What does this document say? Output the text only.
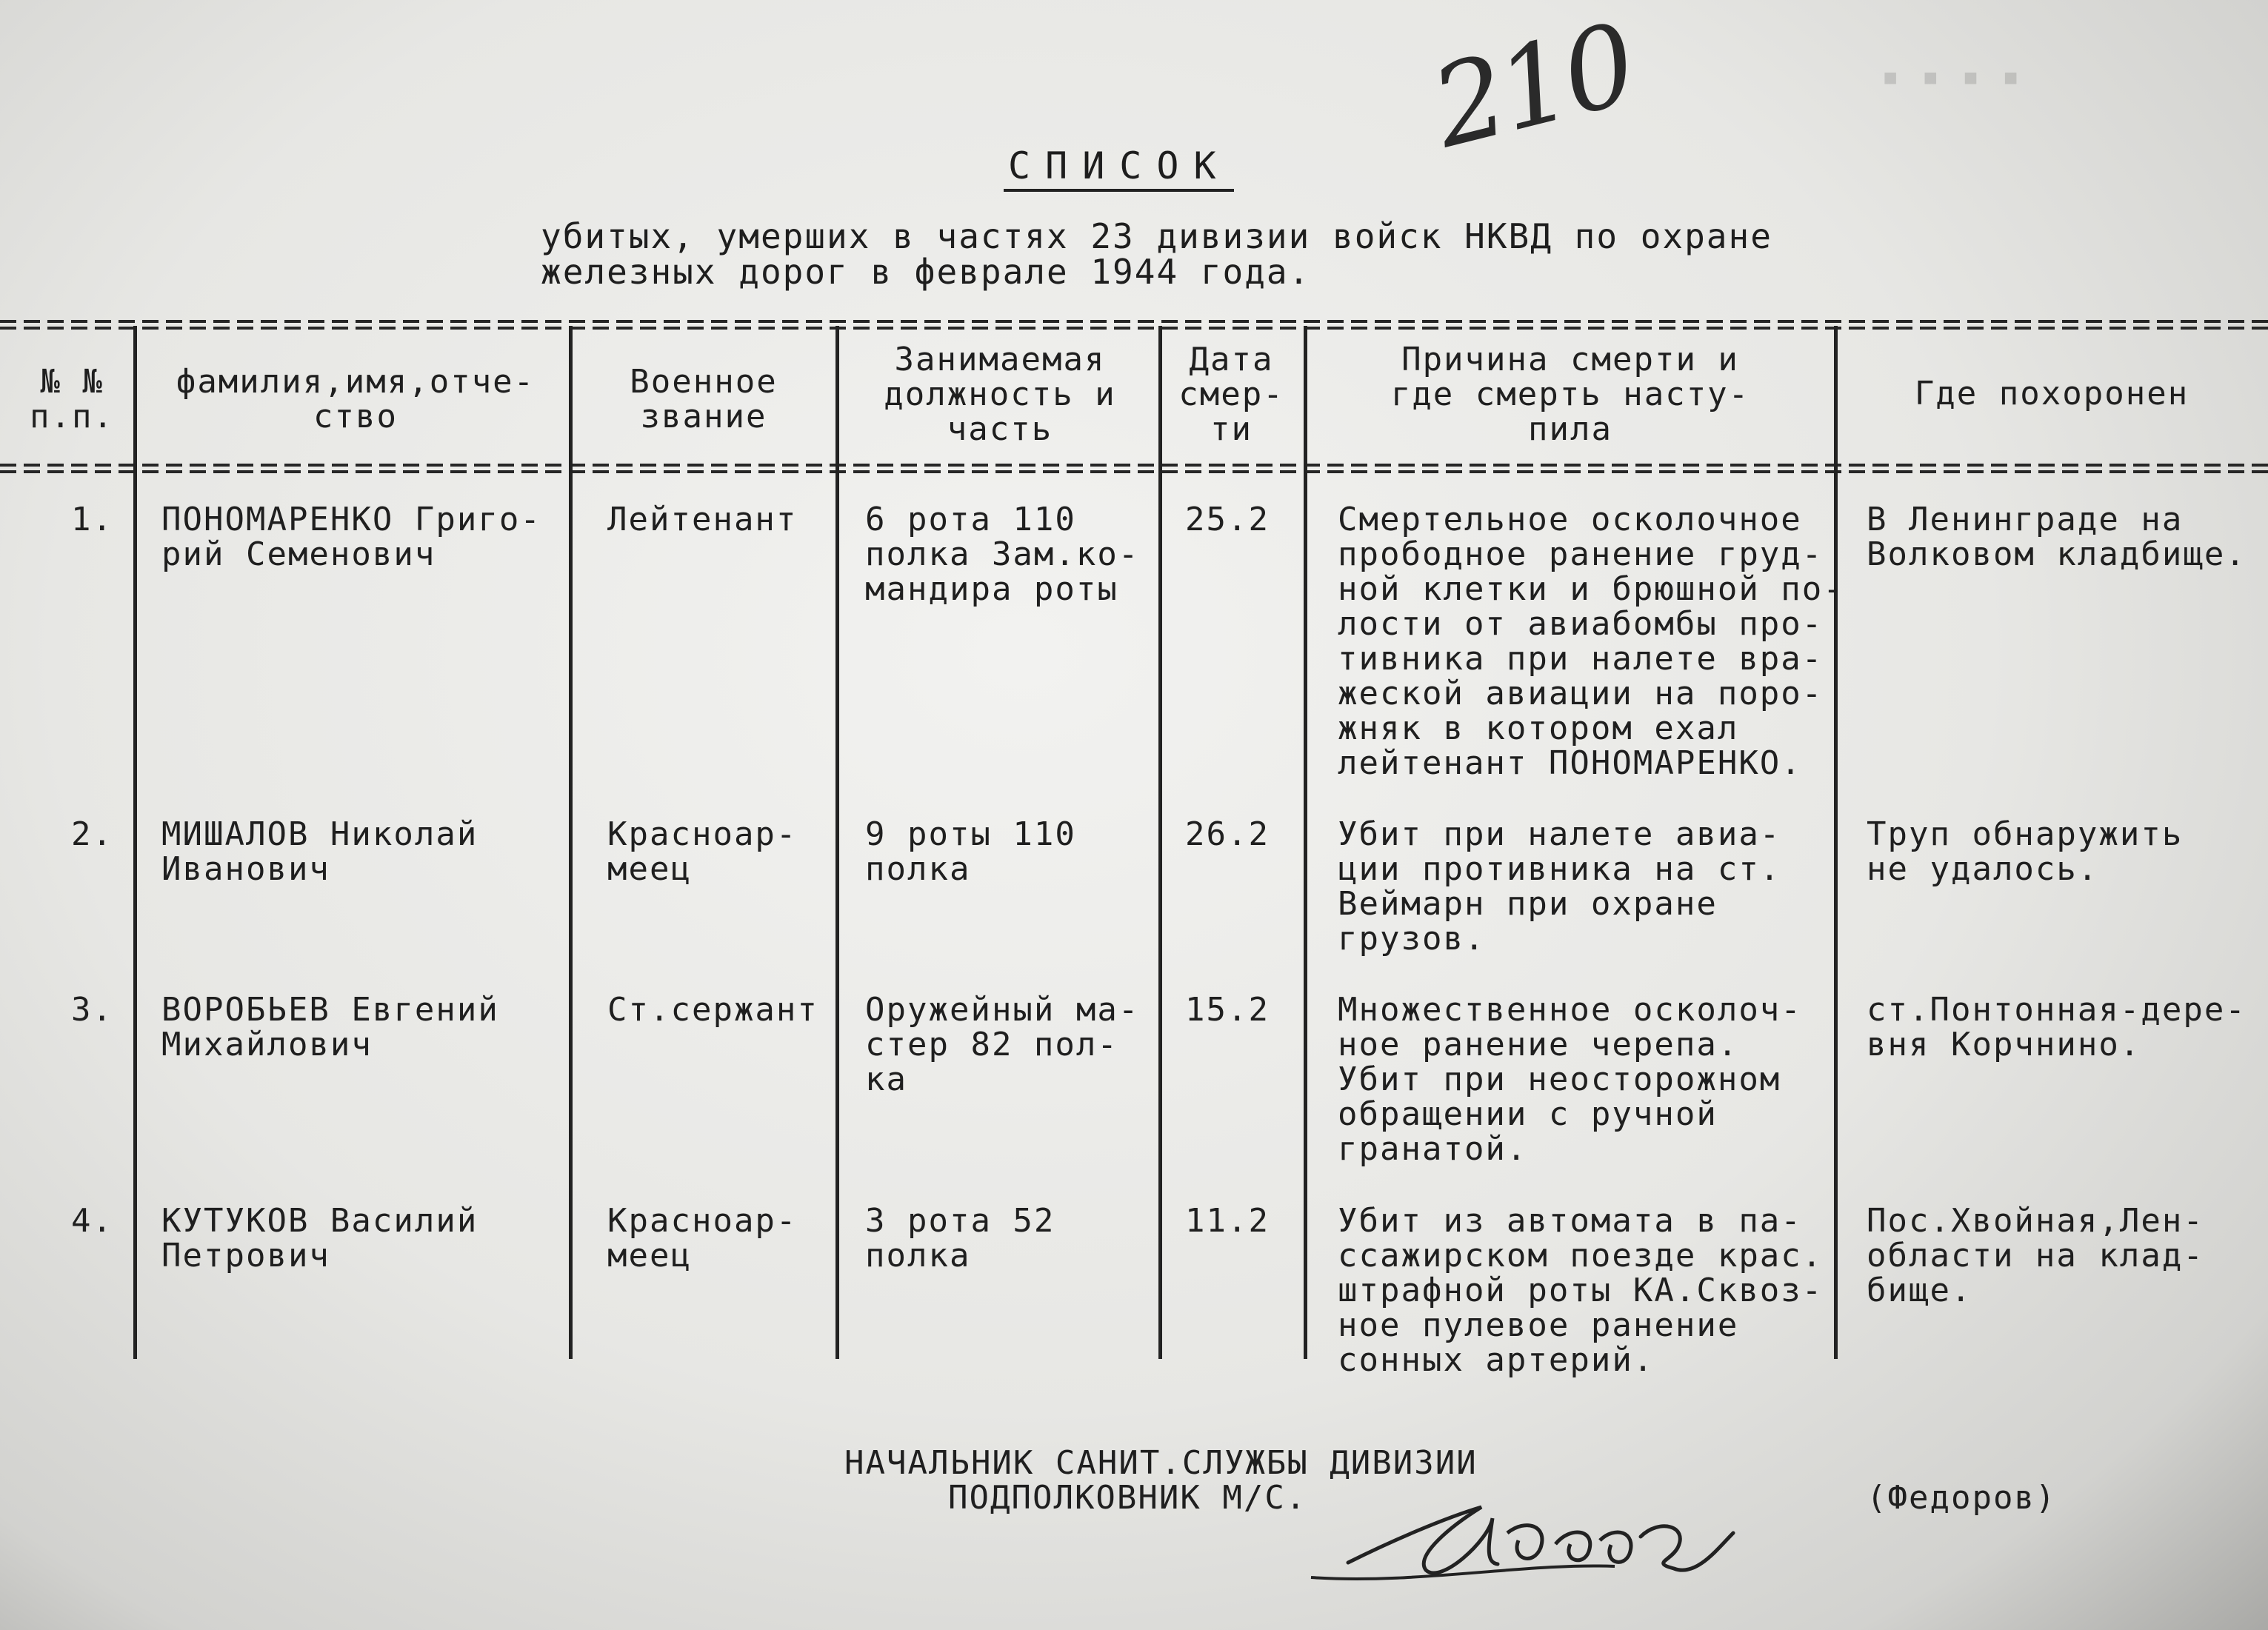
▪ ▪ ▪ ▪
210
СПИСОК
убитых, умерших в частях 23 дивизии войск НКВД по охране
железных дорог в феврале 1944 года.
№ №
п.п.
фамилия,имя,отче-
ство
Военное
звание
Занимаемая
должность и
часть
Дата
смер-
ти
Причина смерти и
где смерть насту-
пила
Где похоронен
1. ПОНОМАРЕНКО Григо-
рий Семенович
Лейтенант 6 рота 110
полка Зам.ко-
мандира роты
25.2 Смертельное осколочное
прободное ранение груд-
ной клетки и брюшной по-
лости от авиабомбы про-
тивника при налете вра-
жеской авиации на поро-
жняк в котором ехал
лейтенант ПОНОМАРЕНКО.
В Ленинграде на
Волковом кладбище.
2. МИШАЛОВ Николай
Иванович
Красноар-
меец
9 роты 110
полка
26.2 Убит при налете авиа-
ции противника на ст.
Веймарн при охране
грузов.
Труп обнаружить
не удалось.
3. ВОРОБЬЕВ Евгений
Михайлович
Ст.сержант Оружейный ма-
стер 82 пол-
ка
15.2 Множественное осколоч-
ное ранение черепа.
Убит при неосторожном
обращении с ручной
гранатой.
ст.Понтонная-дере-
вня Корчнино.
4. КУТУКОВ Василий
Петрович
Красноар-
меец
3 рота 52
полка
11.2 Убит из автомата в па-
ссажирском поезде крас.
штрафной роты КА.Сквоз-
ное пулевое ранение
сонных артерий.
Пос.Хвойная,Лен-
области на клад-
бище.
НАЧАЛЬНИК САНИТ.СЛУЖБЫ ДИВИЗИИ
ПОДПОЛКОВНИК М/С.	(Федоров)
